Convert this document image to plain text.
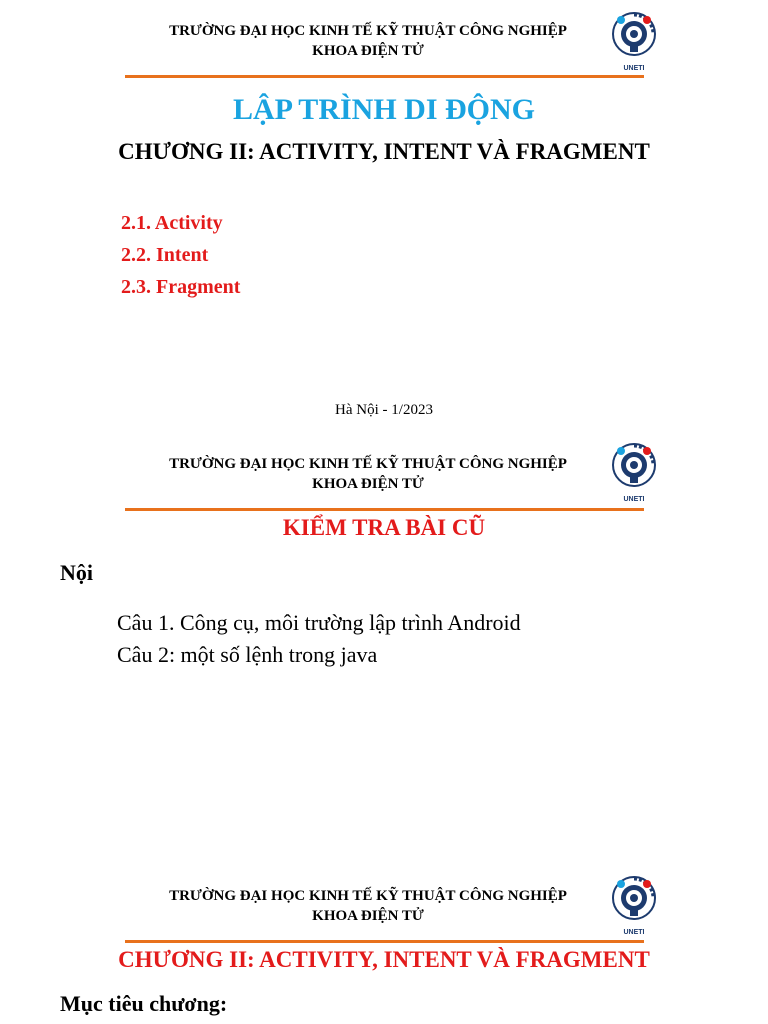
TRƯỜNG ĐẠI HỌC KINH TẾ KỸ THUẬT CÔNG NGHIỆP
KHOA ĐIỆN TỬ
UNETI
LẬP TRÌNH DI ĐỘNG
CHƯƠNG II: ACTIVITY, INTENT VÀ FRAGMENT
2.1. Activity
2.2. Intent
2.3. Fragment
Hà Nội - 1/2023
TRƯỜNG ĐẠI HỌC KINH TẾ KỸ THUẬT CÔNG NGHIỆP
KHOA ĐIỆN TỬ
UNETI
KIỂM TRA BÀI CŨ
Nội
Câu 1. Công cụ, môi trường lập trình Android
Câu 2: một số lệnh trong java
TRƯỜNG ĐẠI HỌC KINH TẾ KỸ THUẬT CÔNG NGHIỆP
KHOA ĐIỆN TỬ
UNETI
CHƯƠNG II: ACTIVITY, INTENT VÀ FRAGMENT
Mục tiêu chương:
